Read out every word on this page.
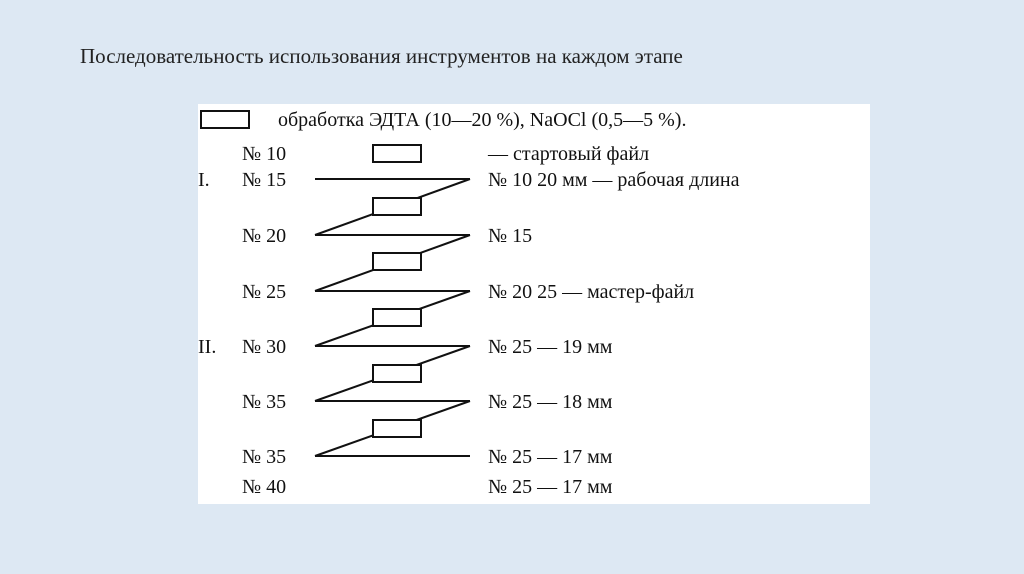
Последовательность использования инструментов на каждом этапе
обработка ЭДТА (10—20 %), NaOCl (0,5—5 %).
№ 10	— стартовый файл
I.
II.
№ 15
№ 20
№ 25
№ 30
№ 35
№ 35
№ 40
№ 10 20 мм — рабочая длина
№ 15
№ 20 25 — мастер-файл
№ 25 — 19 мм
№ 25 — 18 мм
№ 25 — 17 мм
№ 25 — 17 мм
